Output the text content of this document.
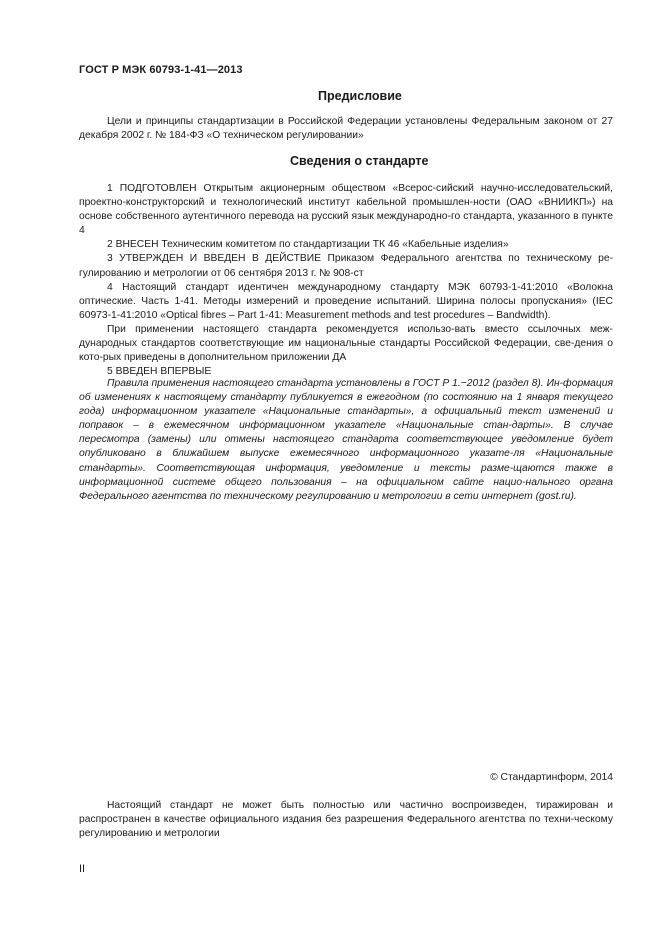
ГОСТ Р МЭК 60793-1-41—2013
Предисловие

Цели и принципы стандартизации в Российской Федерации установлены Федеральным законом от 27 декабря 2002 г. № 184-ФЗ «О техническом регулировании»

Сведения о стандарте

1 ПОДГОТОВЛЕН Открытым акционерным обществом «Всерос-сийский научно-исследовательский, проектно-конструкторский и технологический институт кабельной промышлен-ности (ОАО «ВНИИКП») на основе собственного аутентичного перевода на русский язык международно-го стандарта, указанного в пункте 4

2 ВНЕСЕН Техническим комитетом по стандартизации ТК 46 «Кабельные изделия»

3 УТВЕРЖДЕН И ВВЕДЕН В ДЕЙСТВИЕ Приказом Федерального агентства по техническому ре-гулированию и метрологии от 06 сентября 2013 г. № 908-ст

4 Настоящий стандарт идентичен международному стандарту МЭК 60793-1-41:2010 «Волокна оптические. Часть 1-41. Методы измерений и проведение испытаний. Ширина полосы пропускания» (IEC 60973-1-41:2010 «Optical fibres – Part 1-41: Measurement methods and test procedures – Bandwidth).

При применении настоящего стандарта рекомендуется использо-вать вместо ссылочных меж-дународных стандартов соответствующие им национальные стандарты Российской Федерации, све-дения о кото-рых приведены в дополнительном приложении ДА

5 ВВЕДЕН ВПЕРВЫЕ

Правила применения настоящего стандарта установлены в ГОСТ Р 1.−2012 (раздел 8). Ин-формация об изменениях к настоящему стандарту публикуется в ежегодном (по состоянию на 1 января текущего года) информационном указателе «Национальные стандарты», а официальный текст изменений и поправок – в ежемесячном информационном указателе «Национальные стан-дарты». В случае пересмотра (замены) или отмены настоящего стандарта соответствующее уведомление будет опубликовано в ближайшем выпуске ежемесячного информационного указате-ля «Национальные стандарты». Соответствующая информация, уведомление и тексты разме-щаются также в информационной системе общего пользования – на официальном сайте нацио-нального органа Федерального агентства по техническому регулированию и метрологии в сети интернет (gost.ru).

© Стандартинформ, 2014

Настоящий стандарт не может быть полностью или частично воспроизведен, тиражирован и распространен в качестве официального издания без разрешения Федерального агентства по техни-ческому регулированию и метрологии

II
